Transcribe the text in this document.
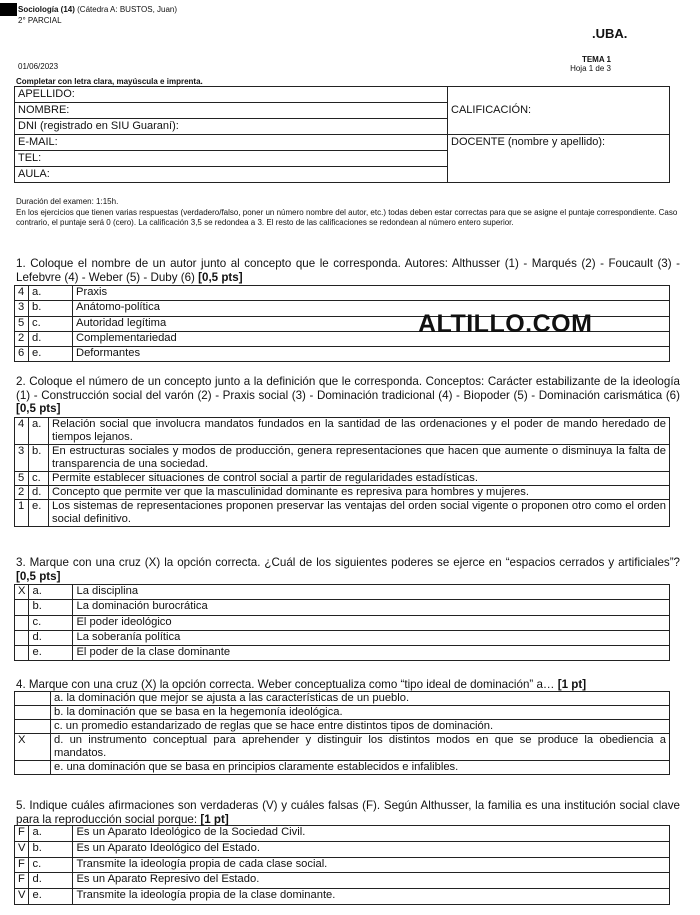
Sociología (14) (Cátedra A: BUSTOS, Juan)
2° PARCIAL
.UBA.
01/06/2023
TEMA 1
Hoja 1 de 3
Completar con letra clara, mayúscula e imprenta.
APELLIDO:	CALIFICACIÓN:
NOMBRE:	
DNI (registrado en SIU Guaraní):	
E-MAIL:	DOCENTE (nombre y apellido):
TEL:	
AULA:	
Duración del examen: 1:15h.
En los ejercicios que tienen varias respuestas (verdadero/falso, poner un número nombre del autor, etc.) todas deben estar correctas para que se asigne el puntaje correspondiente. Caso contrario, el puntaje será 0 (cero). La calificación 3,5 se redondea a 3. El resto de las calificaciones se redondean al número entero superior.
1. Coloque el nombre de un autor junto al concepto que le corresponda. Autores: Althusser (1) - Marqués (2) - Foucault (3) - Lefebvre (4) - Weber (5) - Duby (6) [0,5 pts]
4	a.	Praxis
3	b.	Anátomo-política
5	c.	Autoridad legítima
2	d.	Complementariedad
6	e.	Deformantes
ALTILLO.COM
2. Coloque el número de un concepto junto a la definición que le corresponda. Conceptos: Carácter estabilizante de la ideología (1) - Construcción social del varón (2) - Praxis social (3) - Dominación tradicional (4) - Biopoder (5) - Dominación carismática (6) [0,5 pts]
4	a.	Relación social que involucra mandatos fundados en la santidad de las ordenaciones y el poder de mando heredado de tiempos lejanos.
3	b.	En estructuras sociales y modos de producción, genera representaciones que hacen que aumente o disminuya la falta de transparencia de una sociedad.
5	c.	Permite establecer situaciones de control social a partir de regularidades estadísticas.
2	d.	Concepto que permite ver que la masculinidad dominante es represiva para hombres y mujeres.
1	e.	Los sistemas de representaciones proponen preservar las ventajas del orden social vigente o proponen otro como el orden social definitivo.
3. Marque con una cruz (X) la opción correcta. ¿Cuál de los siguientes poderes se ejerce en “espacios cerrados y artificiales”? [0,5 pts]
X	a.	La disciplina
	b.	La dominación burocrática
	c.	El poder ideológico
	d.	La soberanía política
	e.	El poder de la clase dominante
4. Marque con una cruz (X) la opción correcta. Weber conceptualiza como “tipo ideal de dominación” a… [1 pt]
	a. la dominación que mejor se ajusta a las características de un pueblo.
	b. la dominación que se basa en la hegemonía ideológica.
	c. un promedio estandarizado de reglas que se hace entre distintos tipos de dominación.
X	d. un instrumento conceptual para aprehender y distinguir los distintos modos en que se produce la obediencia a mandatos.
	e. una dominación que se basa en principios claramente establecidos e infalibles.
5. Indique cuáles afirmaciones son verdaderas (V) y cuáles falsas (F). Según Althusser, la familia es una institución social clave para la reproducción social porque: [1 pt]
F	a.	Es un Aparato Ideológico de la Sociedad Civil.
V	b.	Es un Aparato Ideológico del Estado.
F	c.	Transmite la ideología propia de cada clase social.
F	d.	Es un Aparato Represivo del Estado.
V	e.	Transmite la ideología propia de la clase dominante.
